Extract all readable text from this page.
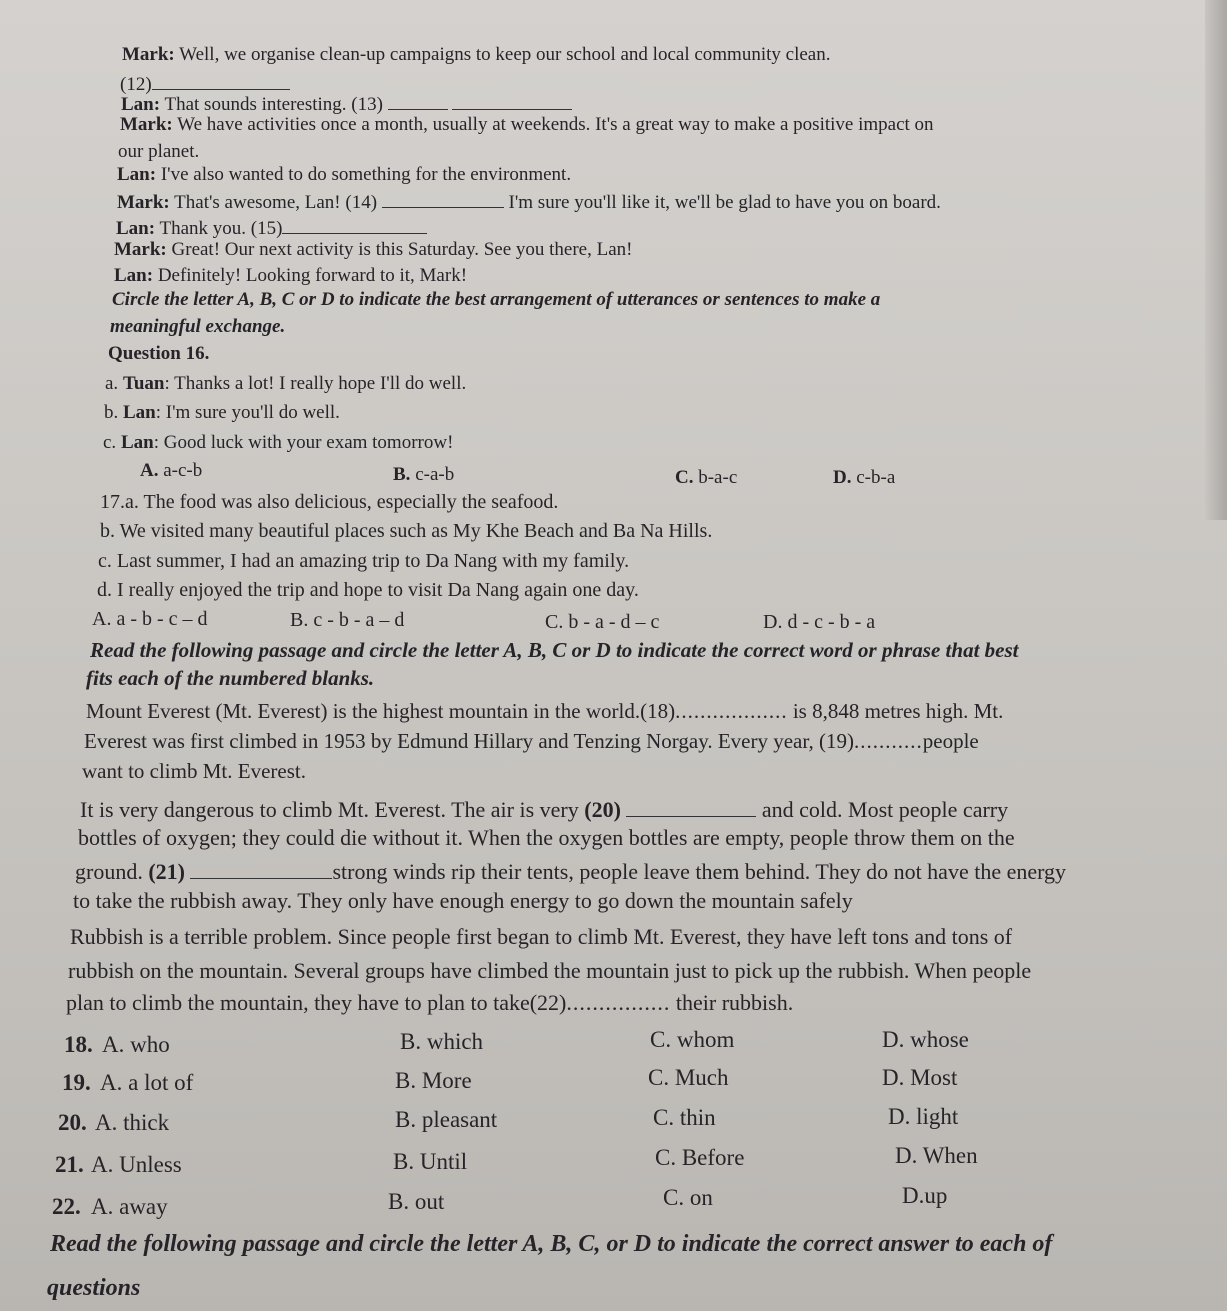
Mark: Well, we organise clean-up campaigns to keep our school and local community clean.
(12)
Lan: That sounds interesting. (13)
Mark: We have activities once a month, usually at weekends. It's a great way to make a positive impact on
our planet.
Lan: I've also wanted to do something for the environment.
Mark: That's awesome, Lan! (14)	I'm sure you'll like it, we'll be glad to have you on board.
Lan: Thank you. (15)
Mark: Great! Our next activity is this Saturday. See you there, Lan!
Lan: Definitely! Looking forward to it, Mark!
Circle the letter A, B, C or D to indicate the best arrangement of utterances or sentences to make a
meaningful exchange.
Question 16.
a. Tuan: Thanks a lot! I really hope I'll do well.
b. Lan: I'm sure you'll do well.
c. Lan: Good luck with your exam tomorrow!
A. a-c-b	B. c-a-b	C. b-a-c	D. c-b-a
17.a. The food was also delicious, especially the seafood.
b. We visited many beautiful places such as My Khe Beach and Ba Na Hills.
c. Last summer, I had an amazing trip to Da Nang with my family.
d. I really enjoyed the trip and hope to visit Da Nang again one day.
A. a - b - c – d	B. c - b - a – d	C. b - a - d – c	D. d - c - b - a
Read the following passage and circle the letter A, B, C or D to indicate the correct word or phrase that best
fits each of the numbered blanks.
Mount Everest (Mt. Everest) is the highest mountain in the world.(18).................. is 8,848 metres high. Mt.
Everest was first climbed in 1953 by Edmund Hillary and Tenzing Norgay. Every year, (19)...........people
want to climb Mt. Everest.
It is very dangerous to climb Mt. Everest. The air is very (20)	and cold. Most people carry
bottles of oxygen; they could die without it. When the oxygen bottles are empty, people throw them on the
ground. (21)	strong winds rip their tents, people leave them behind. They do not have the energy
to take the rubbish away. They only have enough energy to go down the mountain safely
Rubbish is a terrible problem. Since people first began to climb Mt. Everest, they have left tons and tons of
rubbish on the mountain. Several groups have climbed the mountain just to pick up the rubbish. When people
plan to climb the mountain, they have to plan to take(22)................ their rubbish.
18. A. who	B. which	C. whom	D. whose
19. A. a lot of	B. More	C. Much	D. Most
20. A. thick	B. pleasant	C. thin	D. light
21. A. Unless	B. Until	C. Before	D. When
22. A. away	B. out	C. on	D.up
Read the following passage and circle the letter A, B, C, or D to indicate the correct answer to each of
questions
